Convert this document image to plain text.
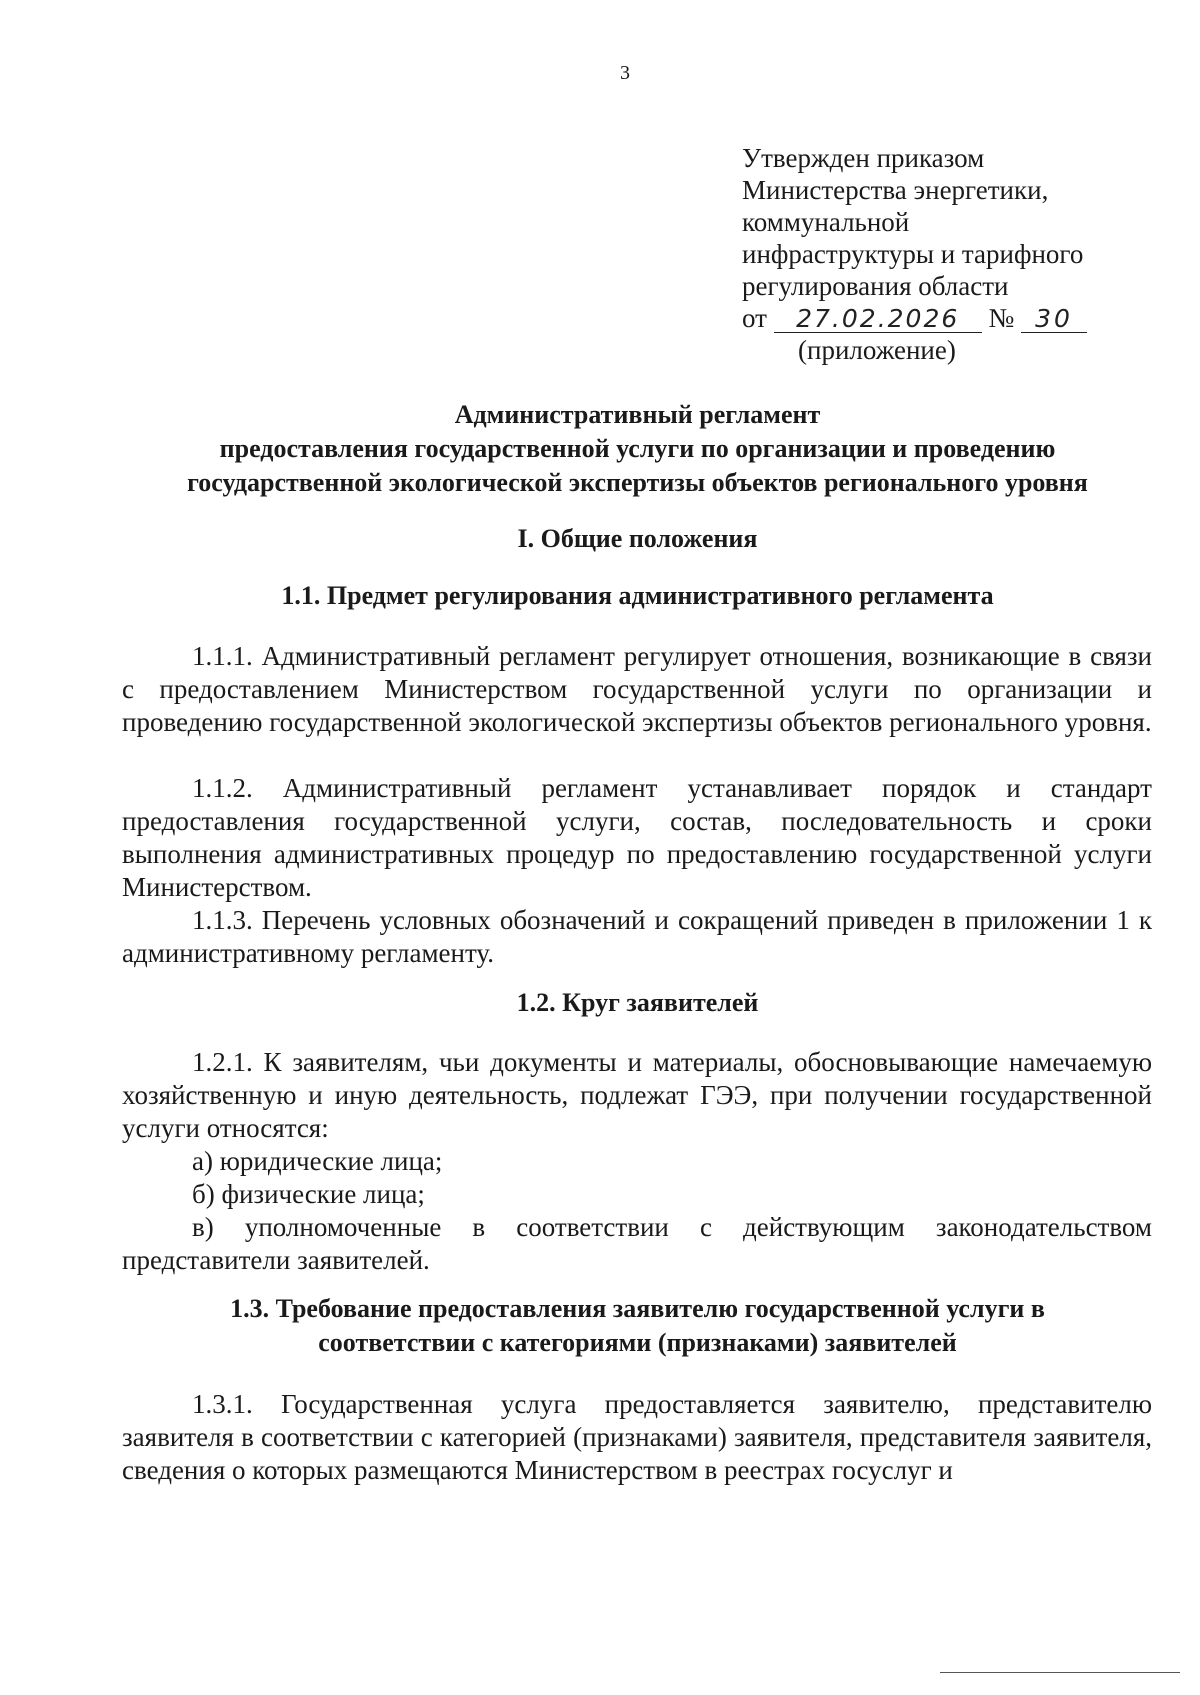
3
Утвержден приказом
Министерства энергетики,
коммунальной
инфраструктуры и тарифного
регулирования области
от 27.02.2026 № 30
(приложение)
Административный регламент
предоставления государственной услуги по организации и проведению
государственной экологической экспертизы объектов регионального уровня
I. Общие положения
1.1. Предмет регулирования административного регламента
1.1.1. Административный регламент регулирует отношения, возникающие в связи с предоставлением Министерством государственной услуги по организации и проведению государственной экологической экспертизы объектов регионального уровня.
1.1.2. Административный регламент устанавливает порядок и стандарт предоставления государственной услуги, состав, последовательность и сроки выполнения административных процедур по предоставлению государственной услуги Министерством.
1.1.3. Перечень условных обозначений и сокращений приведен в приложении 1 к административному регламенту.
1.2. Круг заявителей
1.2.1. К заявителям, чьи документы и материалы, обосновывающие намечаемую хозяйственную и иную деятельность, подлежат ГЭЭ, при получении государственной услуги относятся:
а) юридические лица;
б) физические лица;
в) уполномоченные в соответствии с действующим законодательством представители заявителей.
1.3. Требование предоставления заявителю государственной услуги в
соответствии с категориями (признаками) заявителей
1.3.1. Государственная услуга предоставляется заявителю, представителю заявителя в соответствии с категорией (признаками) заявителя, представителя заявителя, сведения о которых размещаются Министерством в реестрах госуслуг и
